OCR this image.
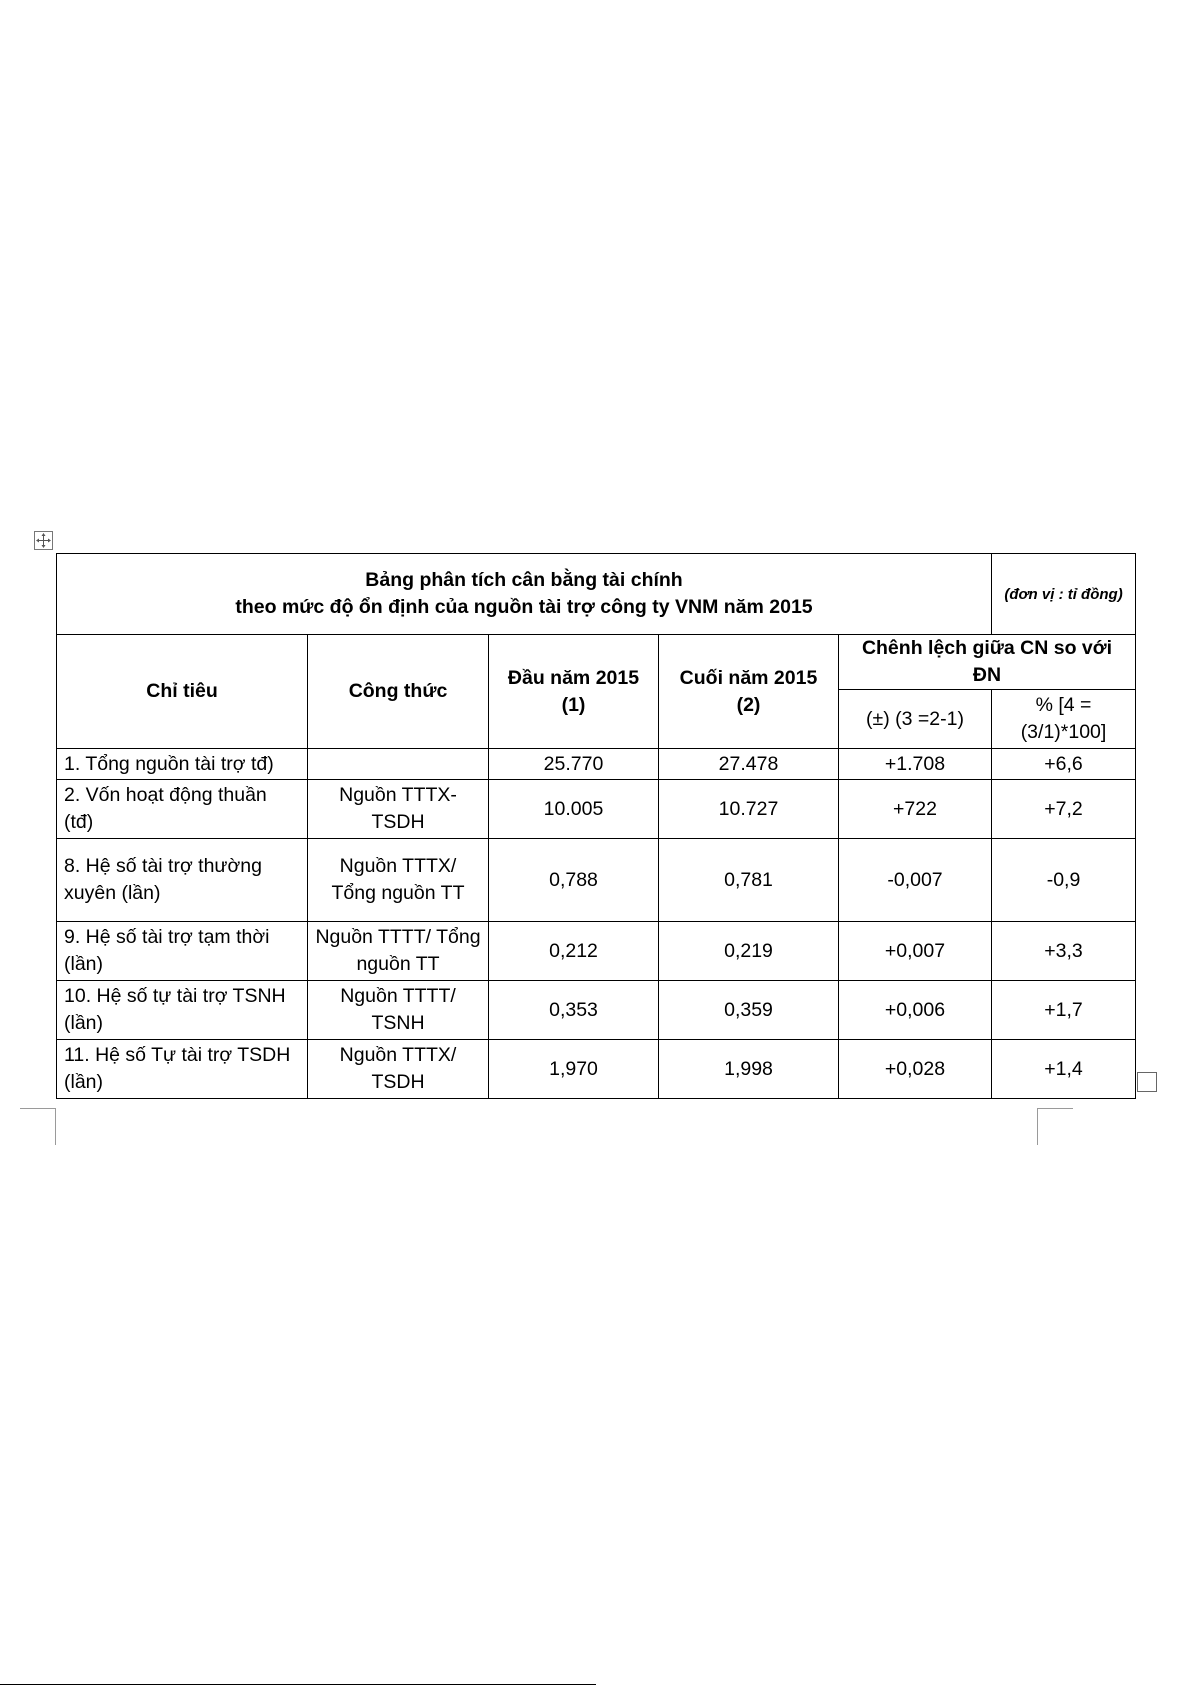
Bảng phân tích cân bằng tài chính
theo mức độ ổn định của nguồn tài trợ công ty VNM năm 2015					(đơn vị : tỉ đồng)
Chỉ tiêu	Công thức	Đầu năm 2015 (1)	Cuối năm 2015 (2)	Chênh lệch giữa CN so với ĐN	
				(±) (3 =2-1)	% [4 = (3/1)*100]
1. Tổng nguồn tài trợ tđ)		25.770	27.478	+1.708	+6,6
2. Vốn hoạt động thuần (tđ)	Nguồn TTTX-TSDH	10.005	10.727	+722	+7,2
8. Hệ số tài trợ thường xuyên (lần)	Nguồn TTTX/ Tổng nguồn TT	0,788	0,781	-0,007	-0,9
9. Hệ số tài trợ tạm thời (lần)	Nguồn TTTT/ Tổng nguồn TT	0,212	0,219	+0,007	+3,3
10. Hệ số tự tài trợ TSNH (lần)	Nguồn TTTT/ TSNH	0,353	0,359	+0,006	+1,7
11. Hệ số Tự tài trợ TSDH (lần)	Nguồn TTTX/ TSDH	1,970	1,998	+0,028	+1,4
